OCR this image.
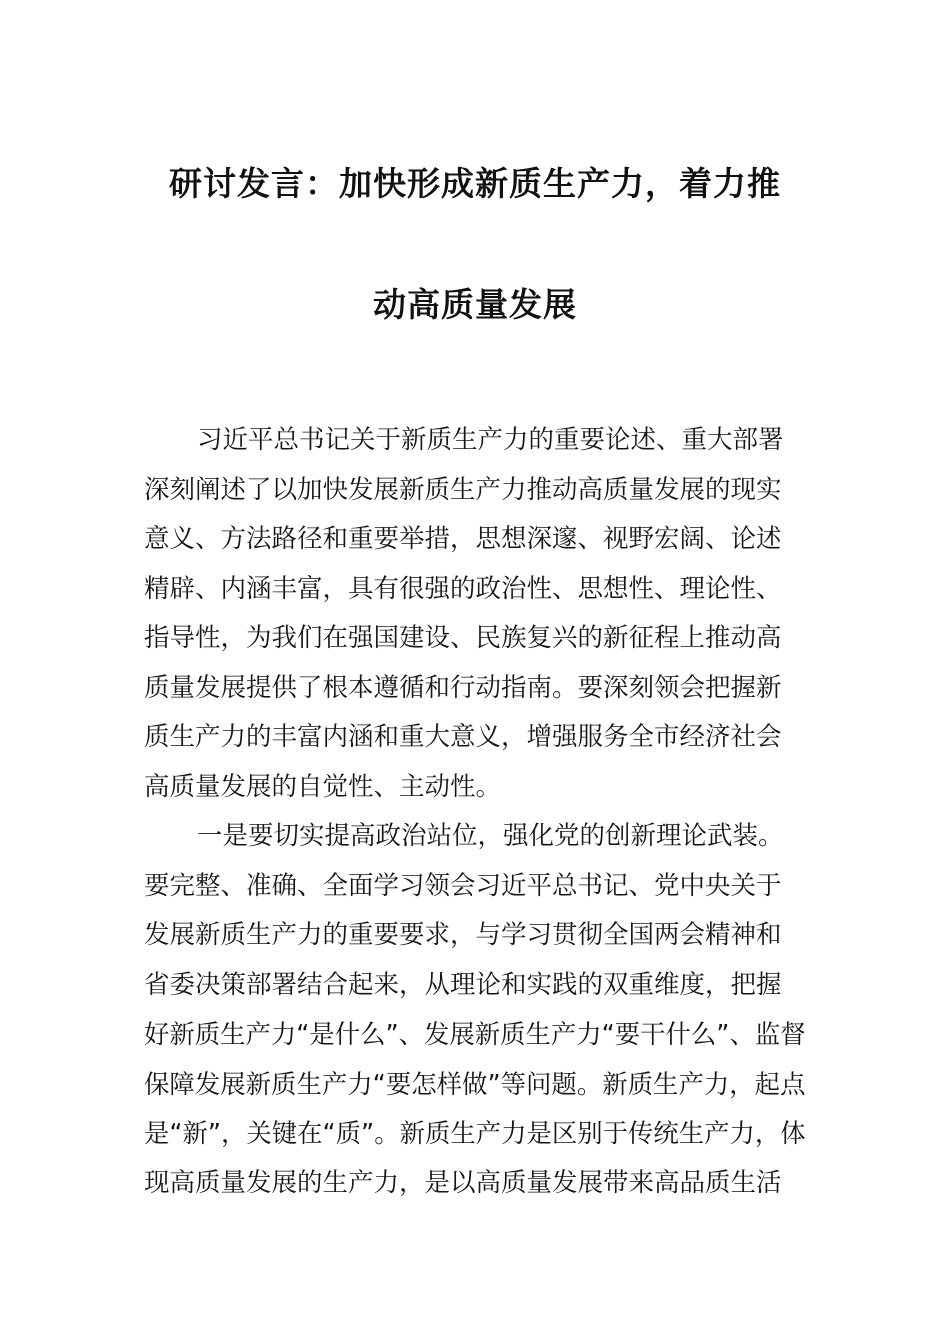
研讨发言：加快形成新质生产力，着力推
动高质量发展
习近平总书记关于新质生产力的重要论述、重大部署
深刻阐述了以加快发展新质生产力推动高质量发展的现实
意义、方法路径和重要举措，思想深邃、视野宏阔、论述
精辟、内涵丰富，具有很强的政治性、思想性、理论性、
指导性，为我们在强国建设、民族复兴的新征程上推动高
质量发展提供了根本遵循和行动指南。要深刻领会把握新
质生产力的丰富内涵和重大意义，增强服务全市经济社会
高质量发展的自觉性、主动性。
一是要切实提高政治站位，强化党的创新理论武装。
要完整、准确、全面学习领会习近平总书记、党中央关于
发展新质生产力的重要要求，与学习贯彻全国两会精神和
省委决策部署结合起来，从理论和实践的双重维度，把握
好新质生产力“是什么”、发展新质生产力“要干什么”、监督
保障发展新质生产力“要怎样做”等问题。新质生产力，起点
是“新”，关键在“质”。新质生产力是区别于传统生产力，体
现高质量发展的生产力，是以高质量发展带来高品质生活
